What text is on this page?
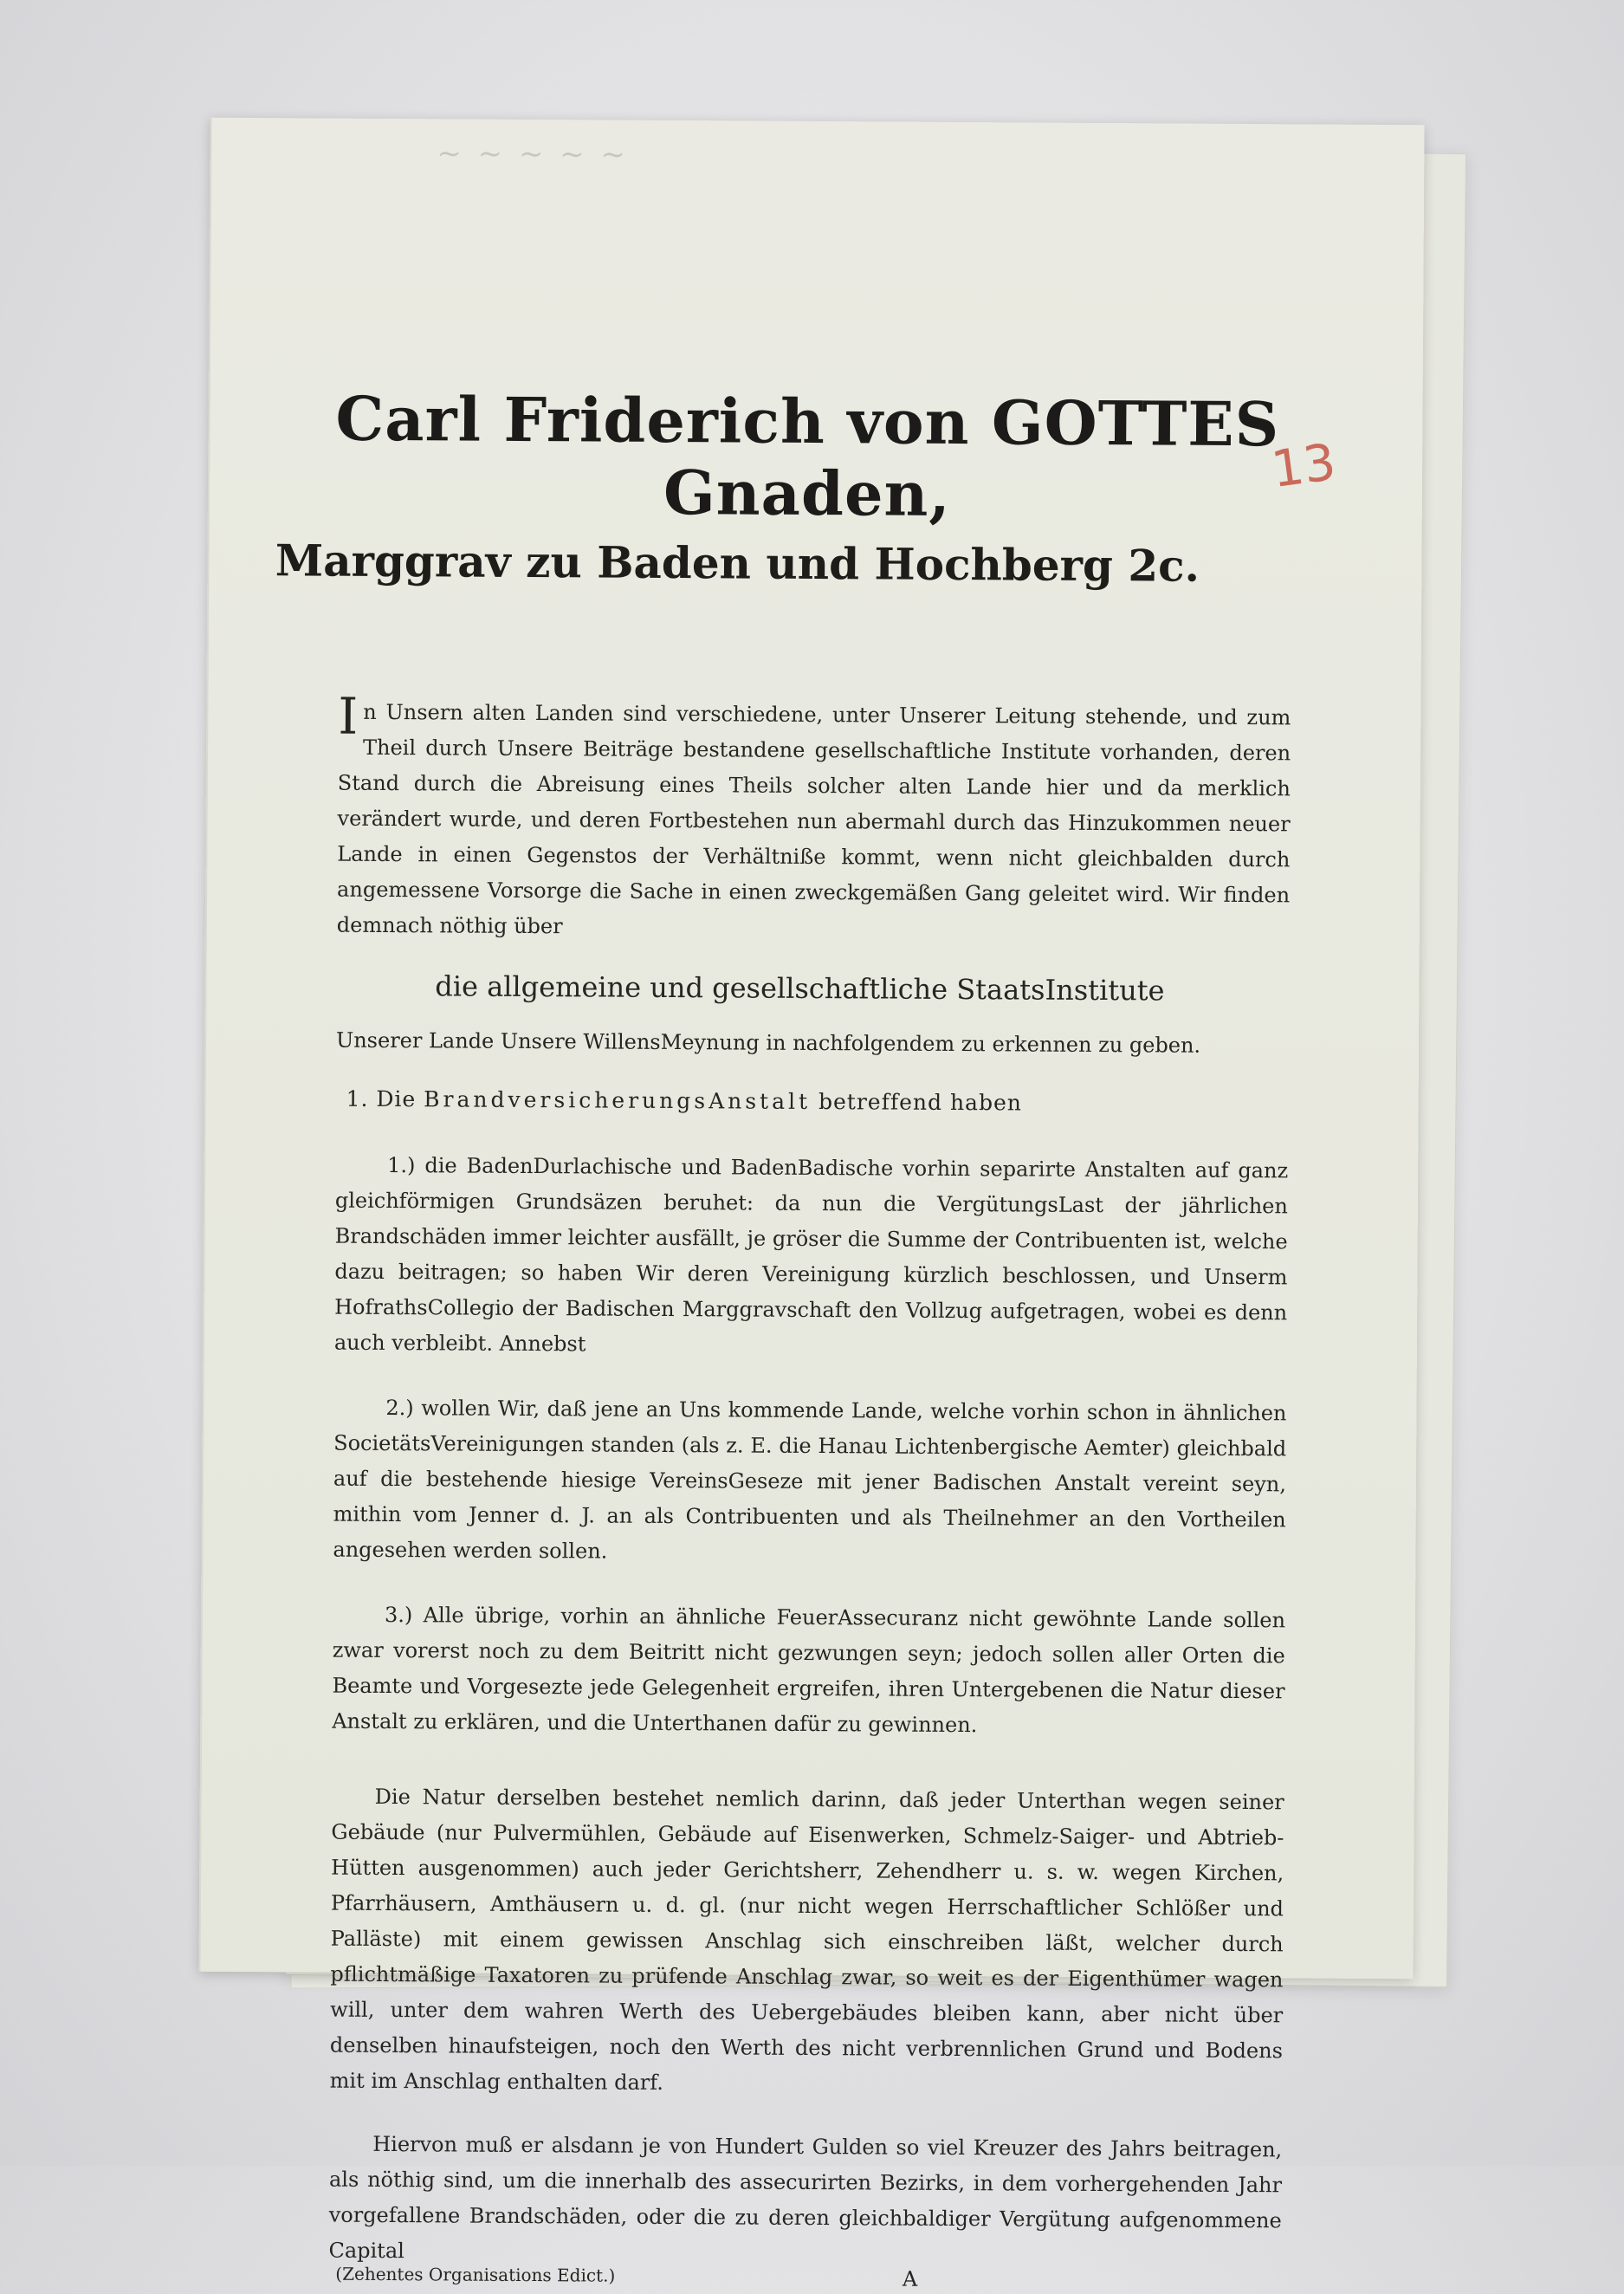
~ ~ ~ ~ ~
13
Carl Friderich von GOTTES Gnaden,
Marggrav zu Baden und Hochberg 2c.

In Unsern alten Landen sind verschiedene, unter Unserer Leitung stehende, und zum Theil durch Unsere Beiträge bestandene gesellschaftliche Institute vorhanden, deren Stand durch die Abreisung eines Theils solcher alten Lande hier und da merklich verändert wurde, und deren Fortbestehen nun abermahl durch das Hinzukommen neuer Lande in einen Gegenstos der Verhältniße kommt, wenn nicht gleichbalden durch angemessene Vorsorge die Sache in einen zweckgemäßen Gang geleitet wird. Wir finden demnach nöthig über

die allgemeine und gesellschaftliche StaatsInstitute

Unserer Lande Unsere WillensMeynung in nachfolgendem zu erkennen zu geben.

1. Die BrandversicherungsAnstalt betreffend haben

1.) die BadenDurlachische und BadenBadische vorhin separirte Anstalten auf ganz gleichförmigen Grundsäzen beruhet: da nun die VergütungsLast der jährlichen Brandschäden immer leichter ausfällt, je gröser die Summe der Contribuenten ist, welche dazu beitragen; so haben Wir deren Vereinigung kürzlich beschlossen, und Unserm HofrathsCollegio der Badischen Marggravschaft den Vollzug aufgetragen, wobei es denn auch verbleibt. Annebst

2.) wollen Wir, daß jene an Uns kommende Lande, welche vorhin schon in ähnlichen SocietätsVereinigungen standen (als z. E. die Hanau Lichtenbergische Aemter) gleichbald auf die bestehende hiesige VereinsGeseze mit jener Badischen Anstalt vereint seyn, mithin vom Jenner d. J. an als Contribuenten und als Theilnehmer an den Vortheilen angesehen werden sollen.

3.) Alle übrige, vorhin an ähnliche FeuerAssecuranz nicht gewöhnte Lande sollen zwar vorerst noch zu dem Beitritt nicht gezwungen seyn; jedoch sollen aller Orten die Beamte und Vorgesezte jede Gelegenheit ergreifen, ihren Untergebenen die Natur dieser Anstalt zu erklären, und die Unterthanen dafür zu gewinnen.

Die Natur derselben bestehet nemlich darinn, daß jeder Unterthan wegen seiner Gebäude (nur Pulvermühlen, Gebäude auf Eisenwerken, Schmelz-Saiger- und Abtrieb-Hütten ausgenommen) auch jeder Gerichtsherr, Zehendherr u. s. w. wegen Kirchen, Pfarrhäusern, Amthäusern u. d. gl. (nur nicht wegen Herrschaftlicher Schlößer und Palläste) mit einem gewissen Anschlag sich einschreiben läßt, welcher durch pflichtmäßige Taxatoren zu prüfende Anschlag zwar, so weit es der Eigenthümer wagen will, unter dem wahren Werth des Uebergebäudes bleiben kann, aber nicht über denselben hinaufsteigen, noch den Werth des nicht verbrennlichen Grund und Bodens mit im Anschlag enthalten darf.

Hiervon muß er alsdann je von Hundert Gulden so viel Kreuzer des Jahrs beitragen, als nöthig sind, um die innerhalb des assecurirten Bezirks, in dem vorhergehenden Jahr vorgefallene Brandschäden, oder die zu deren gleichbaldiger Vergütung aufgenommene Capital

(Zehentes Organisations Edict.)	A
